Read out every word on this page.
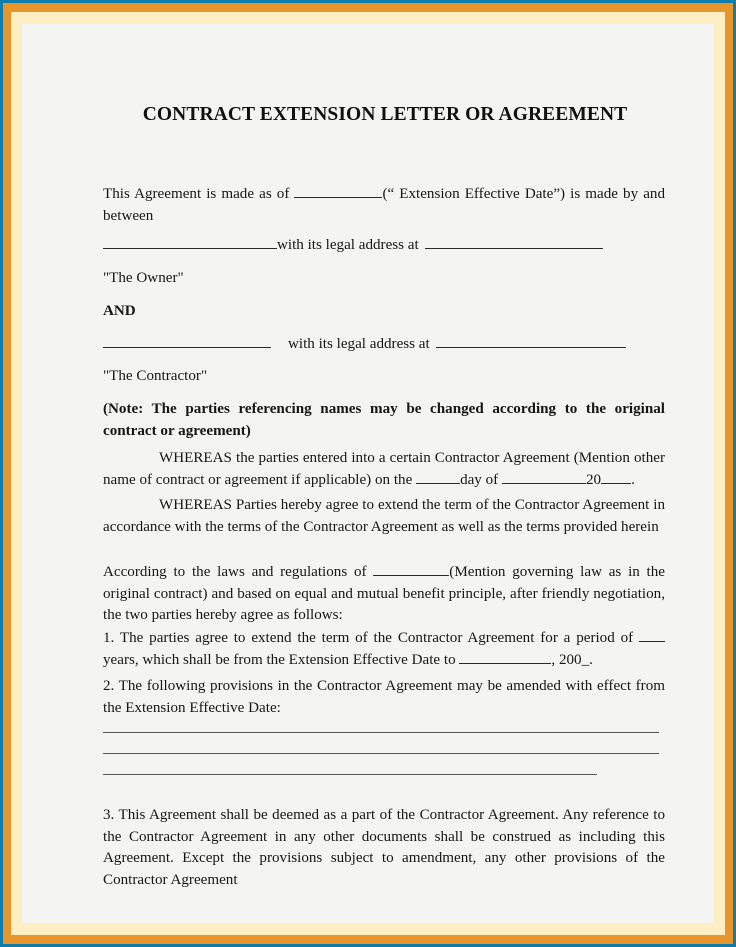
CONTRACT EXTENSION LETTER OR AGREEMENT

This Agreement is made as of	(“ Extension Effective Date”) is made by and between

with its legal address at

"The Owner"

AND

with its legal address at

"The Contractor"

(Note: The parties referencing names may be changed according to the original contract or agreement)

WHEREAS the parties entered into a certain Contractor Agreement (Mention other name of contract or agreement if applicable) on the	day of	20 .

WHEREAS Parties hereby agree to extend the term of the Contractor Agreement in accordance with the terms of the Contractor Agreement as well as the terms provided herein

According to the laws and regulations of	(Mention governing law as in the original contract) and based on equal and mutual benefit principle, after friendly negotiation, the two parties hereby agree as follows:

1. The parties agree to extend the term of the Contractor Agreement for a period of  years, which shall be from the Extension Effective Date to	, 200_.

2. The following provisions in the Contractor Agreement may be amended with effect from the Extension Effective Date:

3. This Agreement shall be deemed as a part of the Contractor Agreement. Any reference to the Contractor Agreement in any other documents shall be construed as including this Agreement. Except the provisions subject to amendment, any other provisions of the Contractor Agreement
